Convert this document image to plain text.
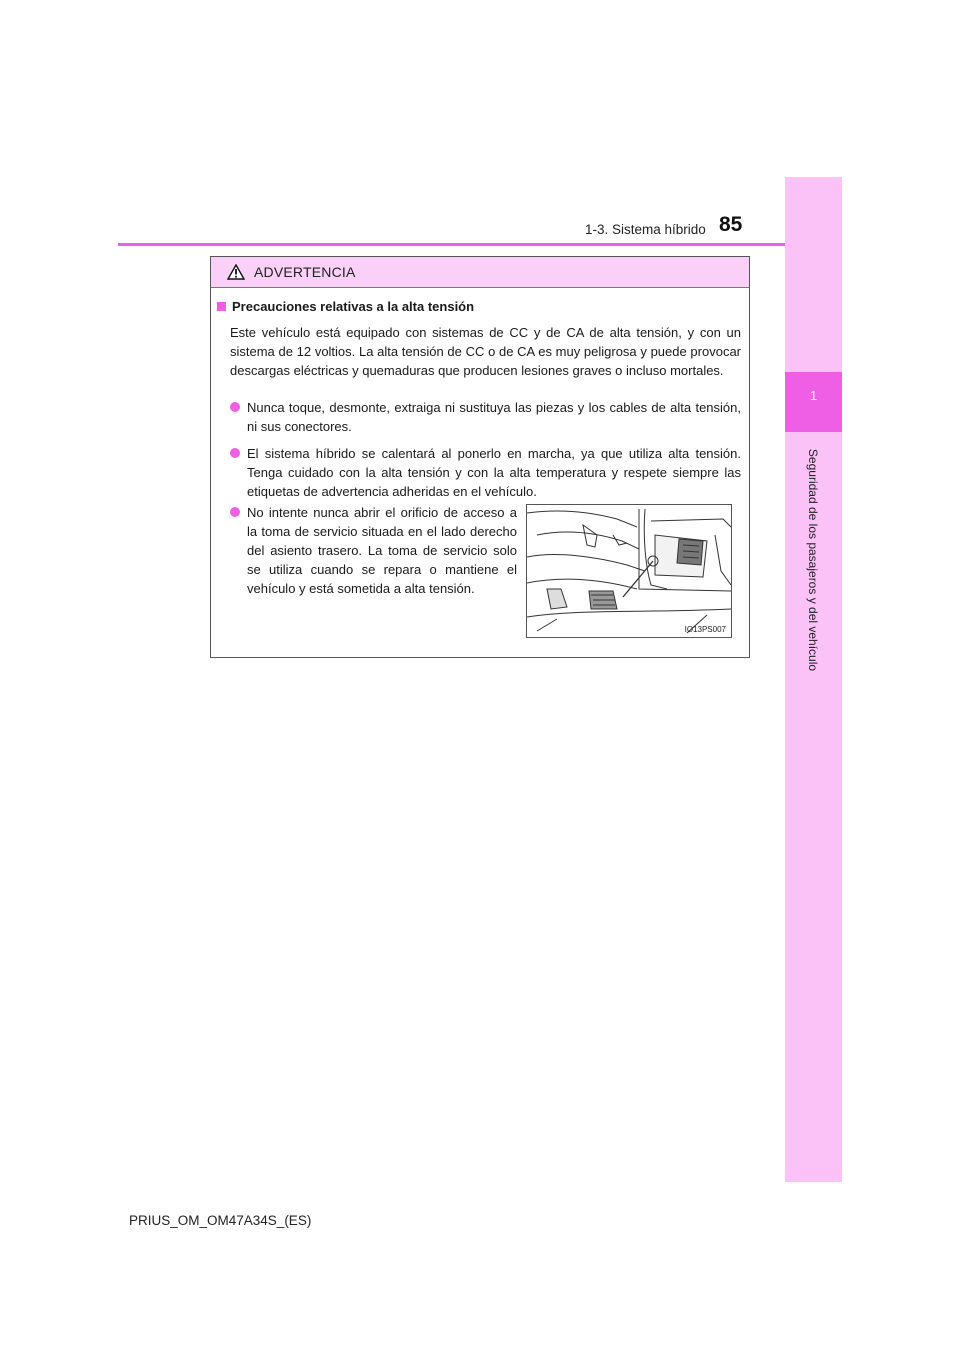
1
Seguridad de los pasajeros y del vehículo
1-3. Sistema híbrido 85
ADVERTENCIA
Precauciones relativas a la alta tensión
Este vehículo está equipado con sistemas de CC y de CA de alta tensión, y con un sistema de 12 voltios. La alta tensión de CC o de CA es muy peligrosa y puede provocar descargas eléctricas y quemaduras que producen lesiones graves o incluso mortales.
Nunca toque, desmonte, extraiga ni sustituya las piezas y los cables de alta tensión, ni sus conectores.
El sistema híbrido se calentará al ponerlo en marcha, ya que utiliza alta tensión. Tenga cuidado con la alta tensión y con la alta temperatura y respete siempre las etiquetas de advertencia adheridas en el vehículo.
No intente nunca abrir el orificio de acceso a la toma de servicio situada en el lado derecho del asiento trasero. La toma de servicio solo se utiliza cuando se repara o mantiene el vehículo y está sometida a alta tensión.
IO13PS007
PRIUS_OM_OM47A34S_(ES)
